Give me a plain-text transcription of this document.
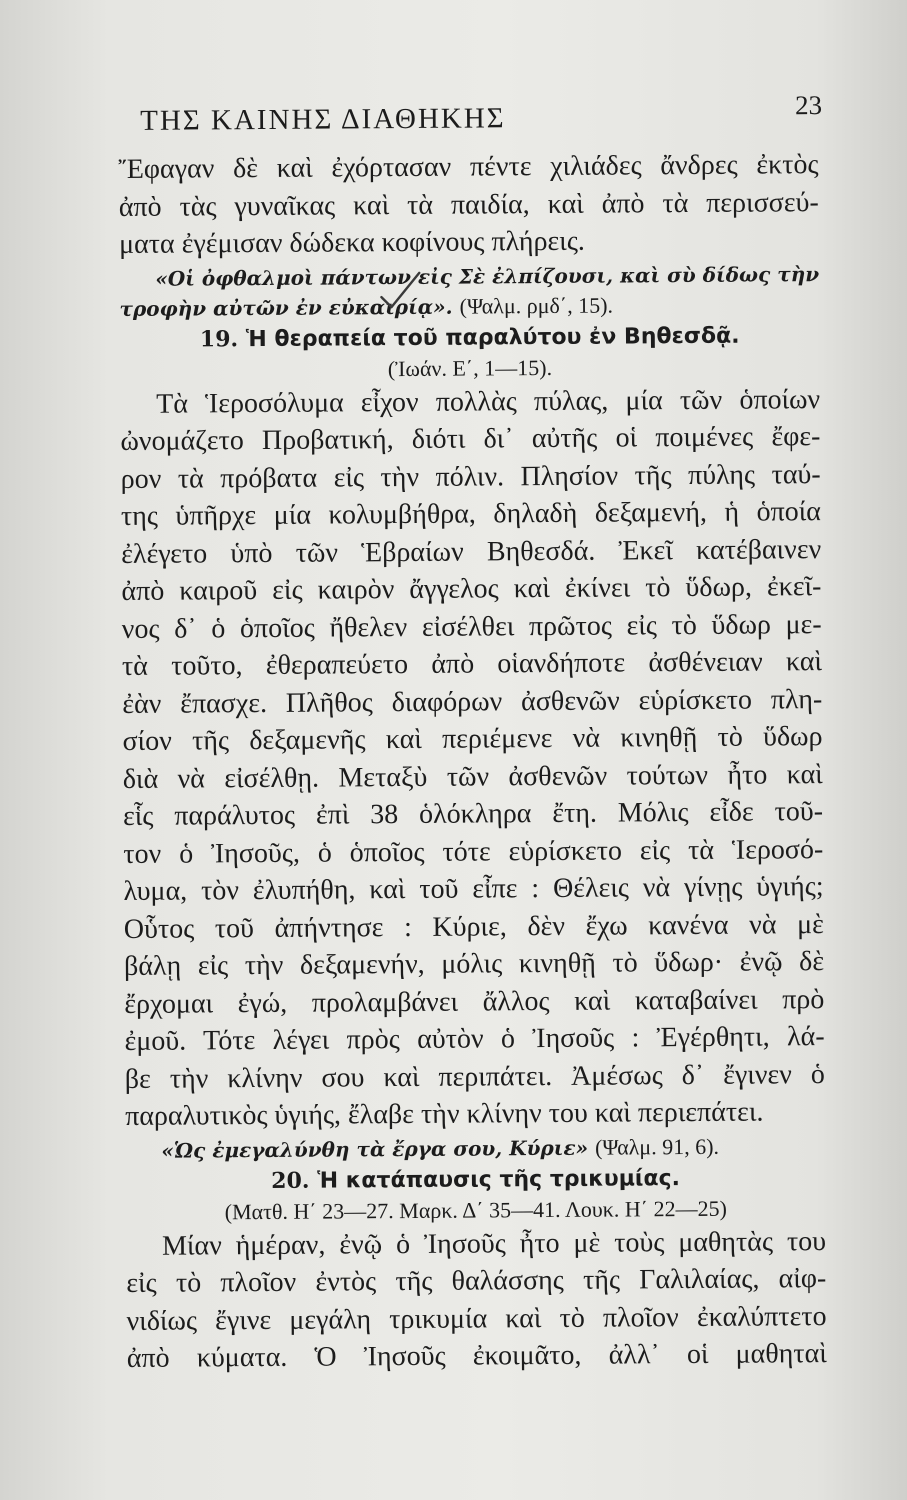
ΤΗΣ ΚΑΙΝΗΣ ΔΙΑΘΗΚΗΣ	23
Ἔφαγαν δὲ καὶ ἐχόρτασαν πέντε χιλιάδες ἄνδρες ἐκτὸς
ἀπὸ τὰς γυναῖκας καὶ τὰ παιδία, καὶ ἀπὸ τὰ περισσεύ-
ματα ἐγέμισαν δώδεκα κοφίνους πλήρεις.
«Οἱ ὀφθαλμοὶ πάντων εἰς Σὲ ἐλπίζουσι, καὶ σὺ δίδως τὴν
τροφὴν αὐτῶν ἐν εὐκαιρίᾳ». (Ψαλμ. ρμδ΄, 15).
19. Ἡ θεραπεία τοῦ παραλύτου ἐν Βηθεσδᾷ.
(Ἰωάν. Ε΄, 1—15).
Τὰ Ἱεροσόλυμα εἶχον πολλὰς πύλας, μία τῶν ὁποίων
ὠνομάζετο Προβατική, διότι δι᾿ αὐτῆς οἱ ποιμένες ἔφε-
ρον τὰ πρόβατα εἰς τὴν πόλιν. Πλησίον τῆς πύλης ταύ-
της ὑπῆρχε μία κολυμβήθρα, δηλαδὴ δεξαμενή, ἡ ὁποία
ἐλέγετο ὑπὸ τῶν Ἑβραίων Βηθεσδά. Ἐκεῖ κατέβαινεν
ἀπὸ καιροῦ εἰς καιρὸν ἄγγελος καὶ ἐκίνει τὸ ὕδωρ, ἐκεῖ-
νος δ᾿ ὁ ὁποῖος ἤθελεν εἰσέλθει πρῶτος εἰς τὸ ὕδωρ με-
τὰ τοῦτο, ἐθεραπεύετο ἀπὸ οἱανδήποτε ἀσθένειαν καὶ
ἐὰν ἔπασχε. Πλῆθος διαφόρων ἀσθενῶν εὑρίσκετο πλη-
σίον τῆς δεξαμενῆς καὶ περιέμενε νὰ κινηθῇ τὸ ὕδωρ
διὰ νὰ εἰσέλθῃ. Μεταξὺ τῶν ἀσθενῶν τούτων ἦτο καὶ
εἷς παράλυτος ἐπὶ 38 ὁλόκληρα ἔτη. Μόλις εἶδε τοῦ-
τον ὁ Ἰησοῦς, ὁ ὁποῖος τότε εὑρίσκετο εἰς τὰ Ἱεροσό-
λυμα, τὸν ἐλυπήθη, καὶ τοῦ εἶπε : Θέλεις νὰ γίνῃς ὑγιής;
Οὗτος τοῦ ἀπήντησε : Κύριε, δὲν ἔχω κανένα νὰ μὲ
βάλῃ εἰς τὴν δεξαμενήν, μόλις κινηθῇ τὸ ὕδωρ· ἐνῷ δὲ
ἔρχομαι ἐγώ, προλαμβάνει ἄλλος καὶ καταβαίνει πρὸ
ἐμοῦ. Τότε λέγει πρὸς αὐτὸν ὁ Ἰησοῦς : Ἐγέρθητι, λά-
βε τὴν κλίνην σου καὶ περιπάτει. Ἀμέσως δ᾿ ἔγινεν ὁ
παραλυτικὸς ὑγιής, ἔλαβε τὴν κλίνην του καὶ περιεπάτει.
«Ὡς ἐμεγαλύνθη τὰ ἔργα σου, Κύριε» (Ψαλμ. 91, 6).
20. Ἡ κατάπαυσις τῆς τρικυμίας.
(Ματθ. Η΄ 23—27. Μαρκ. Δ΄ 35—41. Λουκ. Η΄ 22—25)
Μίαν ἡμέραν, ἐνῷ ὁ Ἰησοῦς ἦτο μὲ τοὺς μαθητὰς του
εἰς τὸ πλοῖον ἐντὸς τῆς θαλάσσης τῆς Γαλιλαίας, αἰφ-
νιδίως ἔγινε μεγάλη τρικυμία καὶ τὸ πλοῖον ἐκαλύπτετο
ἀπὸ κύματα. Ὁ Ἰησοῦς ἐκοιμᾶτο, ἀλλ᾿ οἱ μαθηταὶ
